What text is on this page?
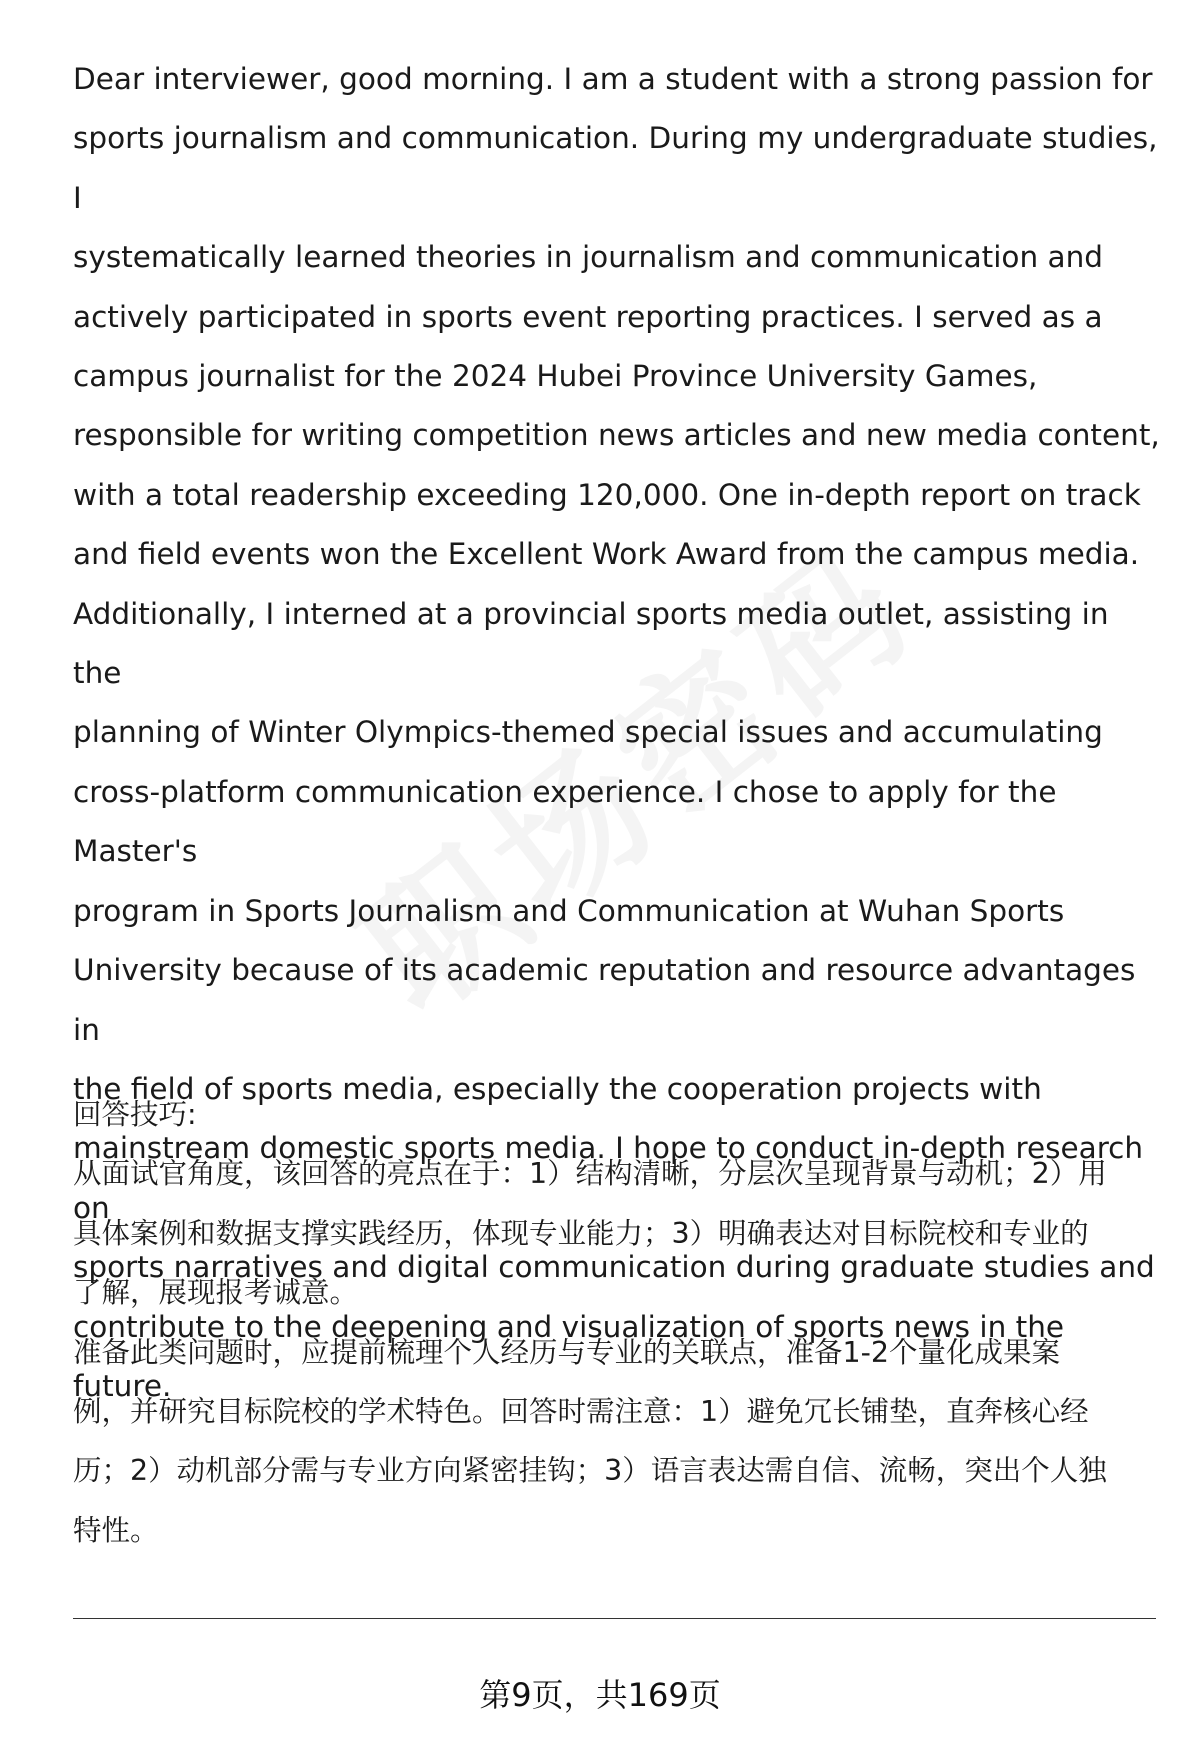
Dear interviewer, good morning. I am a student with a strong passion for
sports journalism and communication. During my undergraduate studies, I
systematically learned theories in journalism and communication and
actively participated in sports event reporting practices. I served as a
campus journalist for the 2024 Hubei Province University Games,
responsible for writing competition news articles and new media content,
with a total readership exceeding 120,000. One in-depth report on track
and field events won the Excellent Work Award from the campus media.
Additionally, I interned at a provincial sports media outlet, assisting in the
planning of Winter Olympics-themed special issues and accumulating
cross-platform communication experience. I chose to apply for the Master's
program in Sports Journalism and Communication at Wuhan Sports
University because of its academic reputation and resource advantages in
the field of sports media, especially the cooperation projects with
mainstream domestic sports media. I hope to conduct in-depth research on
sports narratives and digital communication during graduate studies and
contribute to the deepening and visualization of sports news in the future.

回答技巧:

从面试官角度，该回答的亮点在于：1）结构清晰，分层次呈现背景与动机；2）用
具体案例和数据支撑实践经历，体现专业能力；3）明确表达对目标院校和专业的
了解，展现报考诚意。

准备此类问题时，应提前梳理个人经历与专业的关联点，准备1-2个量化成果案
例，并研究目标院校的学术特色。回答时需注意：1）避免冗长铺垫，直奔核心经
历；2）动机部分需与专业方向紧密挂钩；3）语言表达需自信、流畅，突出个人独
特性。

第9页，共169页
